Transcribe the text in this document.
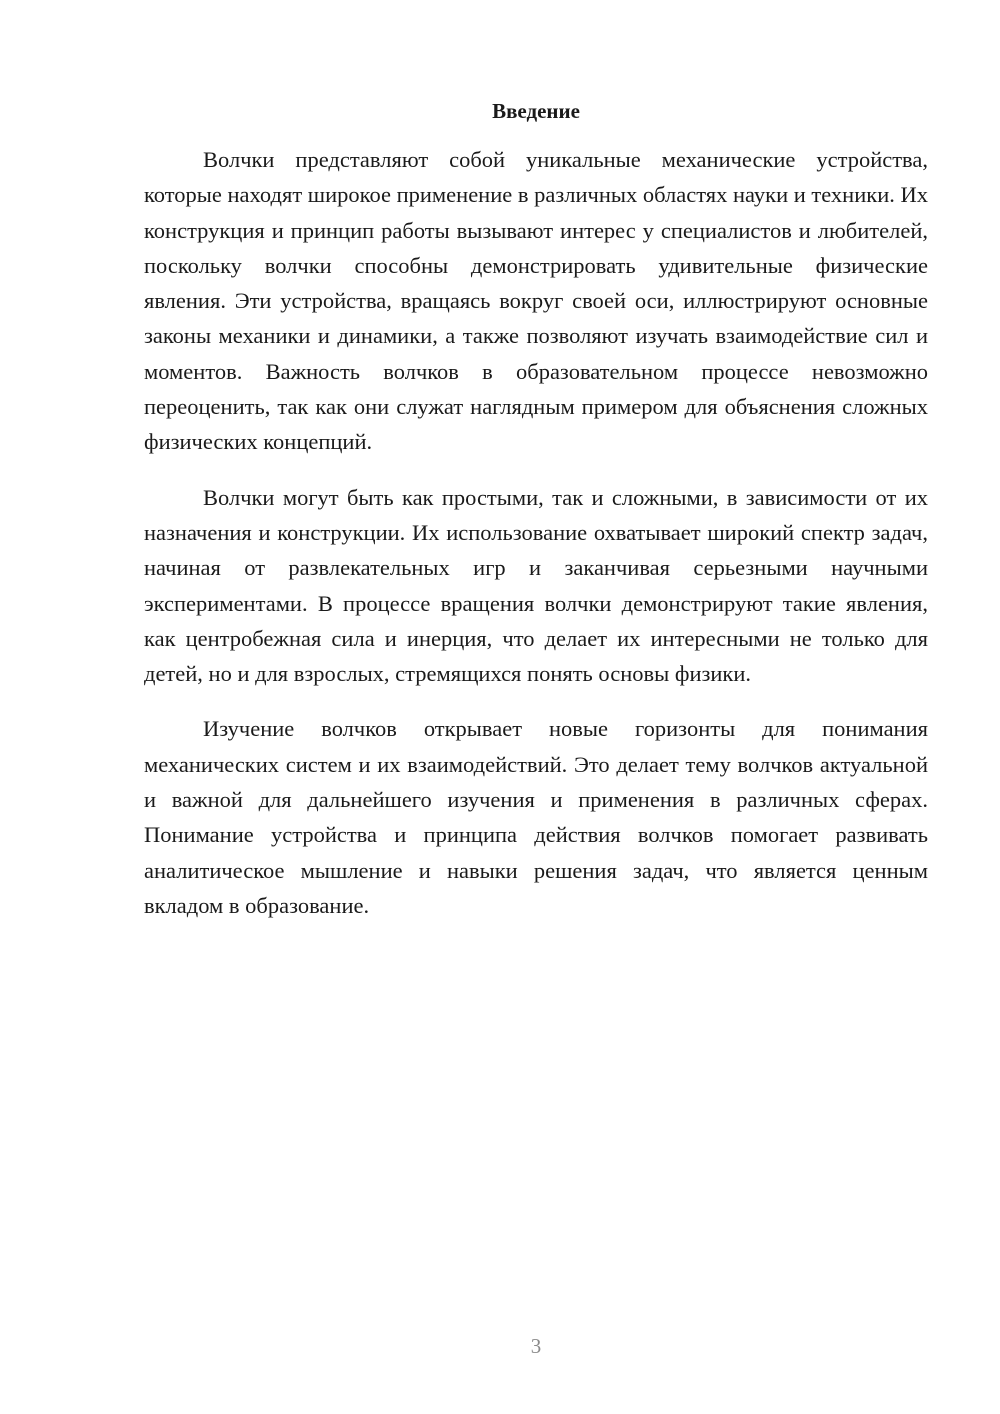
Введение

Волчки представляют собой уникальные механические устройства, которые находят широкое применение в различных областях науки и техники. Их конструкция и принцип работы вызывают интерес у специалистов и любителей, поскольку волчки способны демонстрировать удивительные физические явления. Эти устройства, вращаясь вокруг своей оси, иллюстрируют основные законы механики и динамики, а также позволяют изучать взаимодействие сил и моментов. Важность волчков в образовательном процессе невозможно переоценить, так как они служат наглядным примером для объяснения сложных физических концепций.

Волчки могут быть как простыми, так и сложными, в зависимости от их назначения и конструкции. Их использование охватывает широкий спектр задач, начиная от развлекательных игр и заканчивая серьезными научными экспериментами. В процессе вращения волчки демонстрируют такие явления, как центробежная сила и инерция, что делает их интересными не только для детей, но и для взрослых, стремящихся понять основы физики.

Изучение волчков открывает новые горизонты для понимания механических систем и их взаимодействий. Это делает тему волчков актуальной и важной для дальнейшего изучения и применения в различных сферах. Понимание устройства и принципа действия волчков помогает развивать аналитическое мышление и навыки решения задач, что является ценным вкладом в образование.

3
